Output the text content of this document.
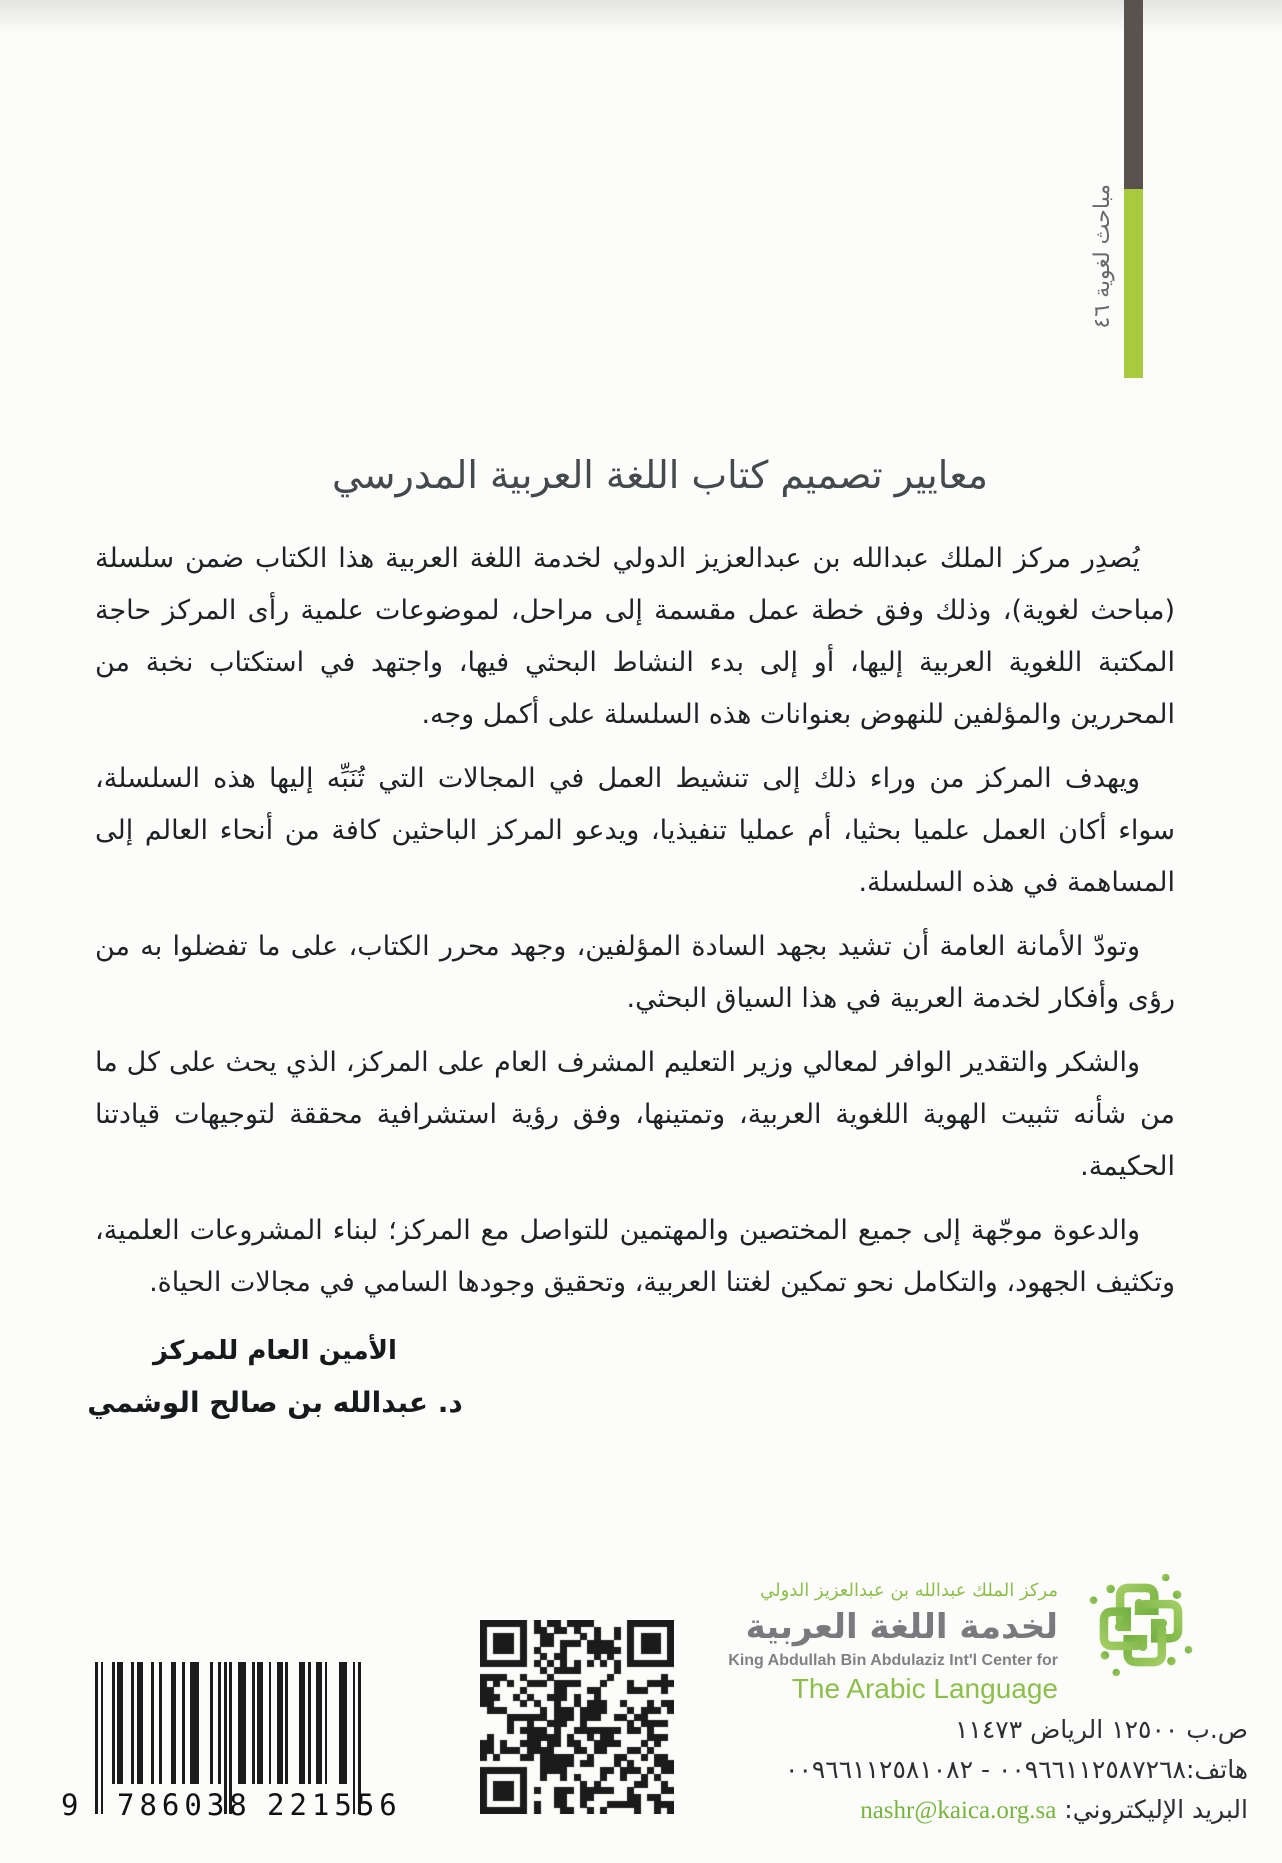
مباحث لغوية ٤٦
معايير تصميم كتاب اللغة العربية المدرسي

يُصدِر مركز الملك عبدالله بن عبدالعزيز الدولي لخدمة اللغة العربية هذا الكتاب ضمن سلسلة (مباحث لغوية)، وذلك وفق خطة عمل مقسمة إلى مراحل، لموضوعات علمية رأى المركز حاجة المكتبة اللغوية العربية إليها، أو إلى بدء النشاط البحثي فيها، واجتهد في استكتاب نخبة من المحررين والمؤلفين للنهوض بعنوانات هذه السلسلة على أكمل وجه.

ويهدف المركز من وراء ذلك إلى تنشيط العمل في المجالات التي تُنَبِّه إليها هذه السلسلة، سواء أكان العمل علميا بحثيا، أم عمليا تنفيذيا، ويدعو المركز الباحثين كافة من أنحاء العالم إلى المساهمة في هذه السلسلة.

وتودّ الأمانة العامة أن تشيد بجهد السادة المؤلفين، وجهد محرر الكتاب، على ما تفضلوا به من رؤى وأفكار لخدمة العربية في هذا السياق البحثي.

والشكر والتقدير الوافر لمعالي وزير التعليم المشرف العام على المركز، الذي يحث على كل ما من شأنه تثبيت الهوية اللغوية العربية، وتمتينها، وفق رؤية استشرافية محققة لتوجيهات قيادتنا الحكيمة.

والدعوة موجّهة إلى جميع المختصين والمهتمين للتواصل مع المركز؛ لبناء المشروعات العلمية، وتكثيف الجهود، والتكامل نحو تمكين لغتنا العربية، وتحقيق وجودها السامي في مجالات الحياة.

الأمين العام للمركز
د. عبدالله بن صالح الوشمي
مركز الملك عبدالله بن عبدالعزيز الدولي
لخدمة اللغة العربية
King Abdullah Bin Abdulaziz Int'l Center for
The Arabic Language
ص.ب ١٢٥٠٠ الرياض ١١٤٧٣
هاتف:٠٠٩٦٦١١٢٥٨٧٢٦٨ - ٠٠٩٦٦١١٢٥٨١٠٨٢
البريد الإليكتروني: nashr@kaica.org.sa
9 786038 221556
